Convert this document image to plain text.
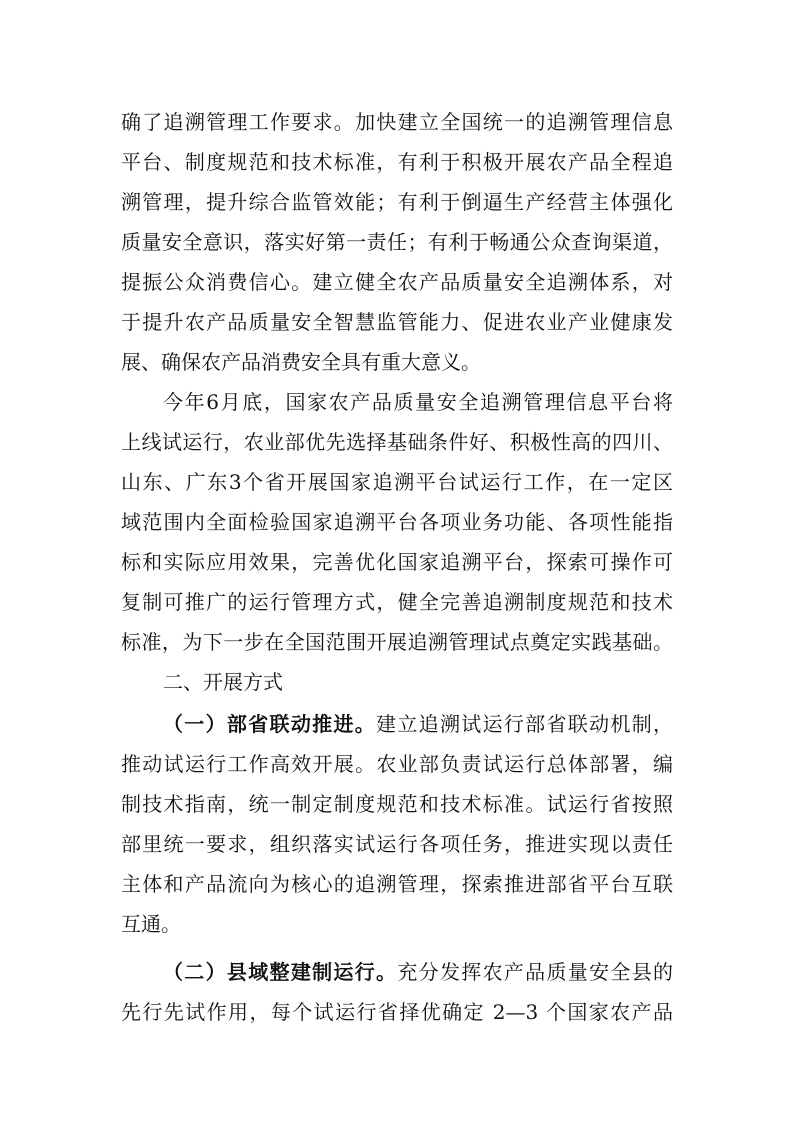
确了追溯管理工作要求。加快建立全国统一的追溯管理信息
平台、制度规范和技术标准，有利于积极开展农产品全程追
溯管理，提升综合监管效能；有利于倒逼生产经营主体强化
质量安全意识，落实好第一责任；有利于畅通公众查询渠道，
提振公众消费信心。建立健全农产品质量安全追溯体系，对
于提升农产品质量安全智慧监管能力、促进农业产业健康发
展、确保农产品消费安全具有重大意义。
今年6月底，国家农产品质量安全追溯管理信息平台将
上线试运行，农业部优先选择基础条件好、积极性高的四川、
山东、广东3个省开展国家追溯平台试运行工作，在一定区
域范围内全面检验国家追溯平台各项业务功能、各项性能指
标和实际应用效果，完善优化国家追溯平台，探索可操作可
复制可推广的运行管理方式，健全完善追溯制度规范和技术
标准，为下一步在全国范围开展追溯管理试点奠定实践基础。
二、开展方式
（一）部省联动推进。建立追溯试运行部省联动机制，
推动试运行工作高效开展。农业部负责试运行总体部署，编
制技术指南，统一制定制度规范和技术标准。试运行省按照
部里统一要求，组织落实试运行各项任务，推进实现以责任
主体和产品流向为核心的追溯管理，探索推进部省平台互联
互通。
（二）县域整建制运行。充分发挥农产品质量安全县的
先行先试作用，每个试运行省择优确定 2—3 个国家农产品
